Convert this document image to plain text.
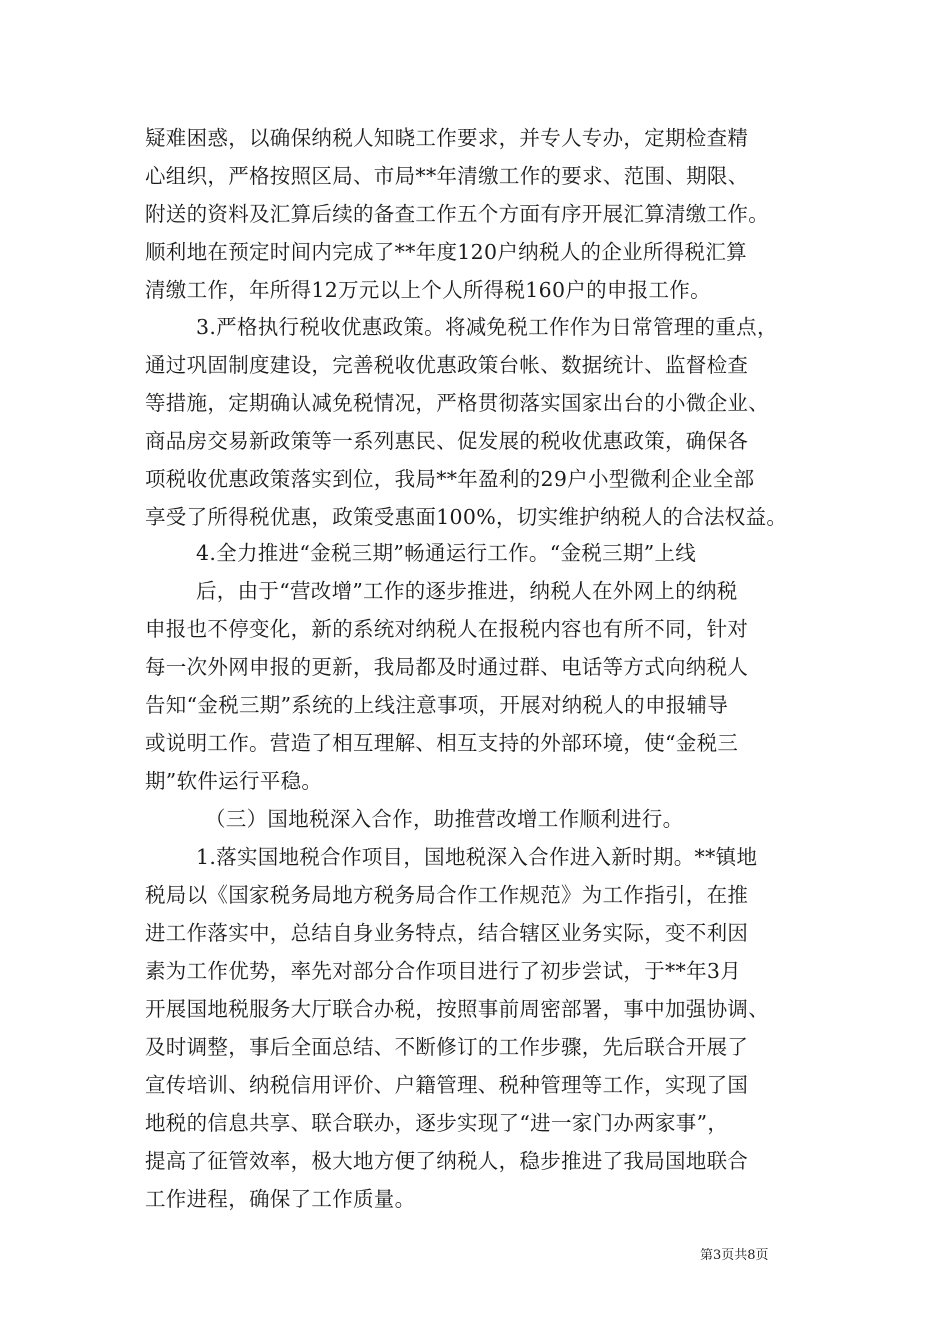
疑难困惑，以确保纳税人知晓工作要求，并专人专办，定期检查精
心组织，严格按照区局、市局**年清缴工作的要求、范围、期限、
附送的资料及汇算后续的备查工作五个方面有序开展汇算清缴工作。
顺利地在预定时间内完成了**年度120户纳税人的企业所得税汇算
清缴工作，年所得12万元以上个人所得税160户的申报工作。
3.严格执行税收优惠政策。将减免税工作作为日常管理的重点，
通过巩固制度建设，完善税收优惠政策台帐、数据统计、监督检查
等措施，定期确认减免税情况，严格贯彻落实国家出台的小微企业、
商品房交易新政策等一系列惠民、促发展的税收优惠政策，确保各
项税收优惠政策落实到位，我局**年盈利的29户小型微利企业全部
享受了所得税优惠，政策受惠面100%，切实维护纳税人的合法权益。
4.全力推进“金税三期”畅通运行工作。“金税三期”上线
后，由于“营改增”工作的逐步推进，纳税人在外网上的纳税
申报也不停变化，新的系统对纳税人在报税内容也有所不同，针对
每一次外网申报的更新，我局都及时通过群、电话等方式向纳税人
告知“金税三期”系统的上线注意事项，开展对纳税人的申报辅导
或说明工作。营造了相互理解、相互支持的外部环境，使“金税三
期”软件运行平稳。
（三）国地税深入合作，助推营改增工作顺利进行。
1.落实国地税合作项目，国地税深入合作进入新时期。**镇地
税局以《国家税务局地方税务局合作工作规范》为工作指引，在推
进工作落实中，总结自身业务特点，结合辖区业务实际，变不利因
素为工作优势，率先对部分合作项目进行了初步尝试，于**年3月
开展国地税服务大厅联合办税，按照事前周密部署，事中加强协调、
及时调整，事后全面总结、不断修订的工作步骤，先后联合开展了
宣传培训、纳税信用评价、户籍管理、税种管理等工作，实现了国
地税的信息共享、联合联办，逐步实现了“进一家门办两家事”，
提高了征管效率，极大地方便了纳税人，稳步推进了我局国地联合
工作进程，确保了工作质量。
第3页共8页
